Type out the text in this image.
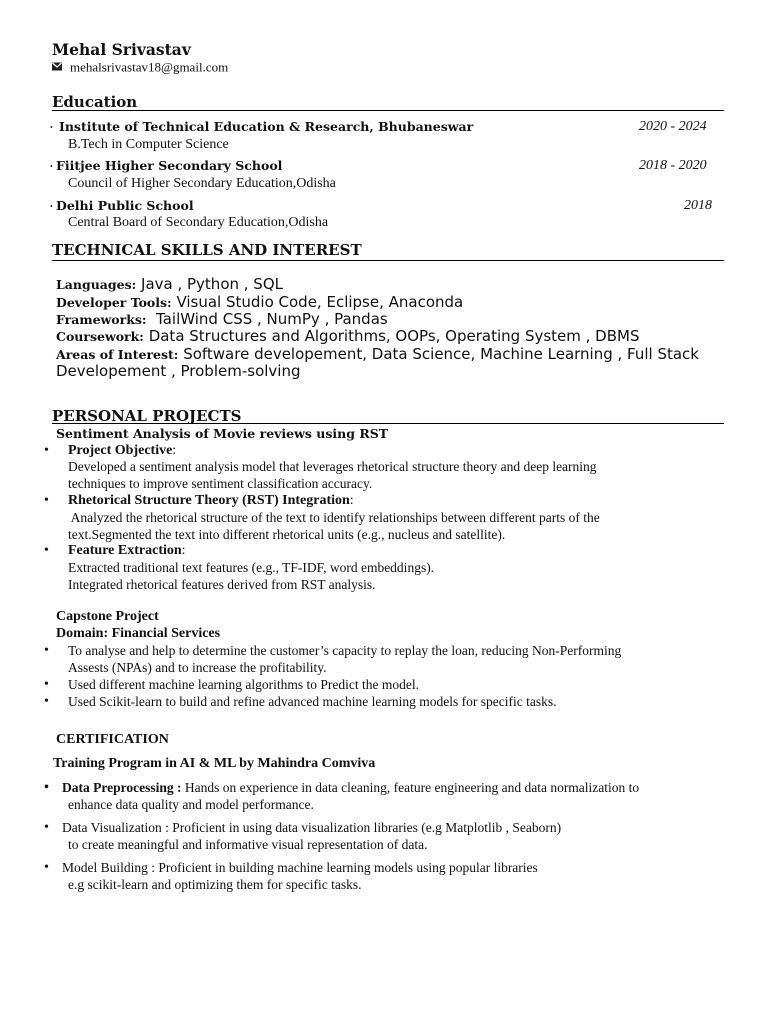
Mehal Srivastav
mehalsrivastav18@gmail.com
Education
• Institute of Technical Education & Research, Bhubaneswar	2020 - 2024
B.Tech in Computer Science
• Fiitjee Higher Secondary School	2018 - 2020
Council of Higher Secondary Education,Odisha
• Delhi Public School	2018
Central Board of Secondary Education,Odisha
TECHNICAL SKILLS AND INTEREST
Languages: Java , Python , SQL
Developer Tools: Visual Studio Code, Eclipse, Anaconda
Frameworks:  TailWind CSS , NumPy , Pandas
Coursework: Data Structures and Algorithms, OOPs, Operating System , DBMS
Areas of Interest: Software developement, Data Science, Machine Learning , Full Stack
Developement , Problem-solving
PERSONAL PROJECTS
Sentiment Analysis of Movie reviews using RST
• Project Objective:
Developed a sentiment analysis model that leverages rhetorical structure theory and deep learning
techniques to improve sentiment classification accuracy.
• Rhetorical Structure Theory (RST) Integration:
Analyzed the rhetorical structure of the text to identify relationships between different parts of the
text.Segmented the text into different rhetorical units (e.g., nucleus and satellite).
• Feature Extraction:
Extracted traditional text features (e.g., TF-IDF, word embeddings).
Integrated rhetorical features derived from RST analysis.
Capstone Project
Domain: Financial Services
• To analyse and help to determine the customer’s capacity to replay the loan, reducing Non-Performing
Assests (NPAs) and to increase the profitability.
• Used different machine learning algorithms to Predict the model.
• Used Scikit-learn to build and refine advanced machine learning models for specific tasks.
CERTIFICATION
Training Program in AI & ML by Mahindra Comviva
• Data Preprocessing : Hands on experience in data cleaning, feature engineering and data normalization to
enhance data quality and model performance.
• Data Visualization : Proficient in using data visualization libraries (e.g Matplotlib , Seaborn)
to create meaningful and informative visual representation of data.
• Model Building : Proficient in building machine learning models using popular libraries
e.g scikit-learn and optimizing them for specific tasks.
